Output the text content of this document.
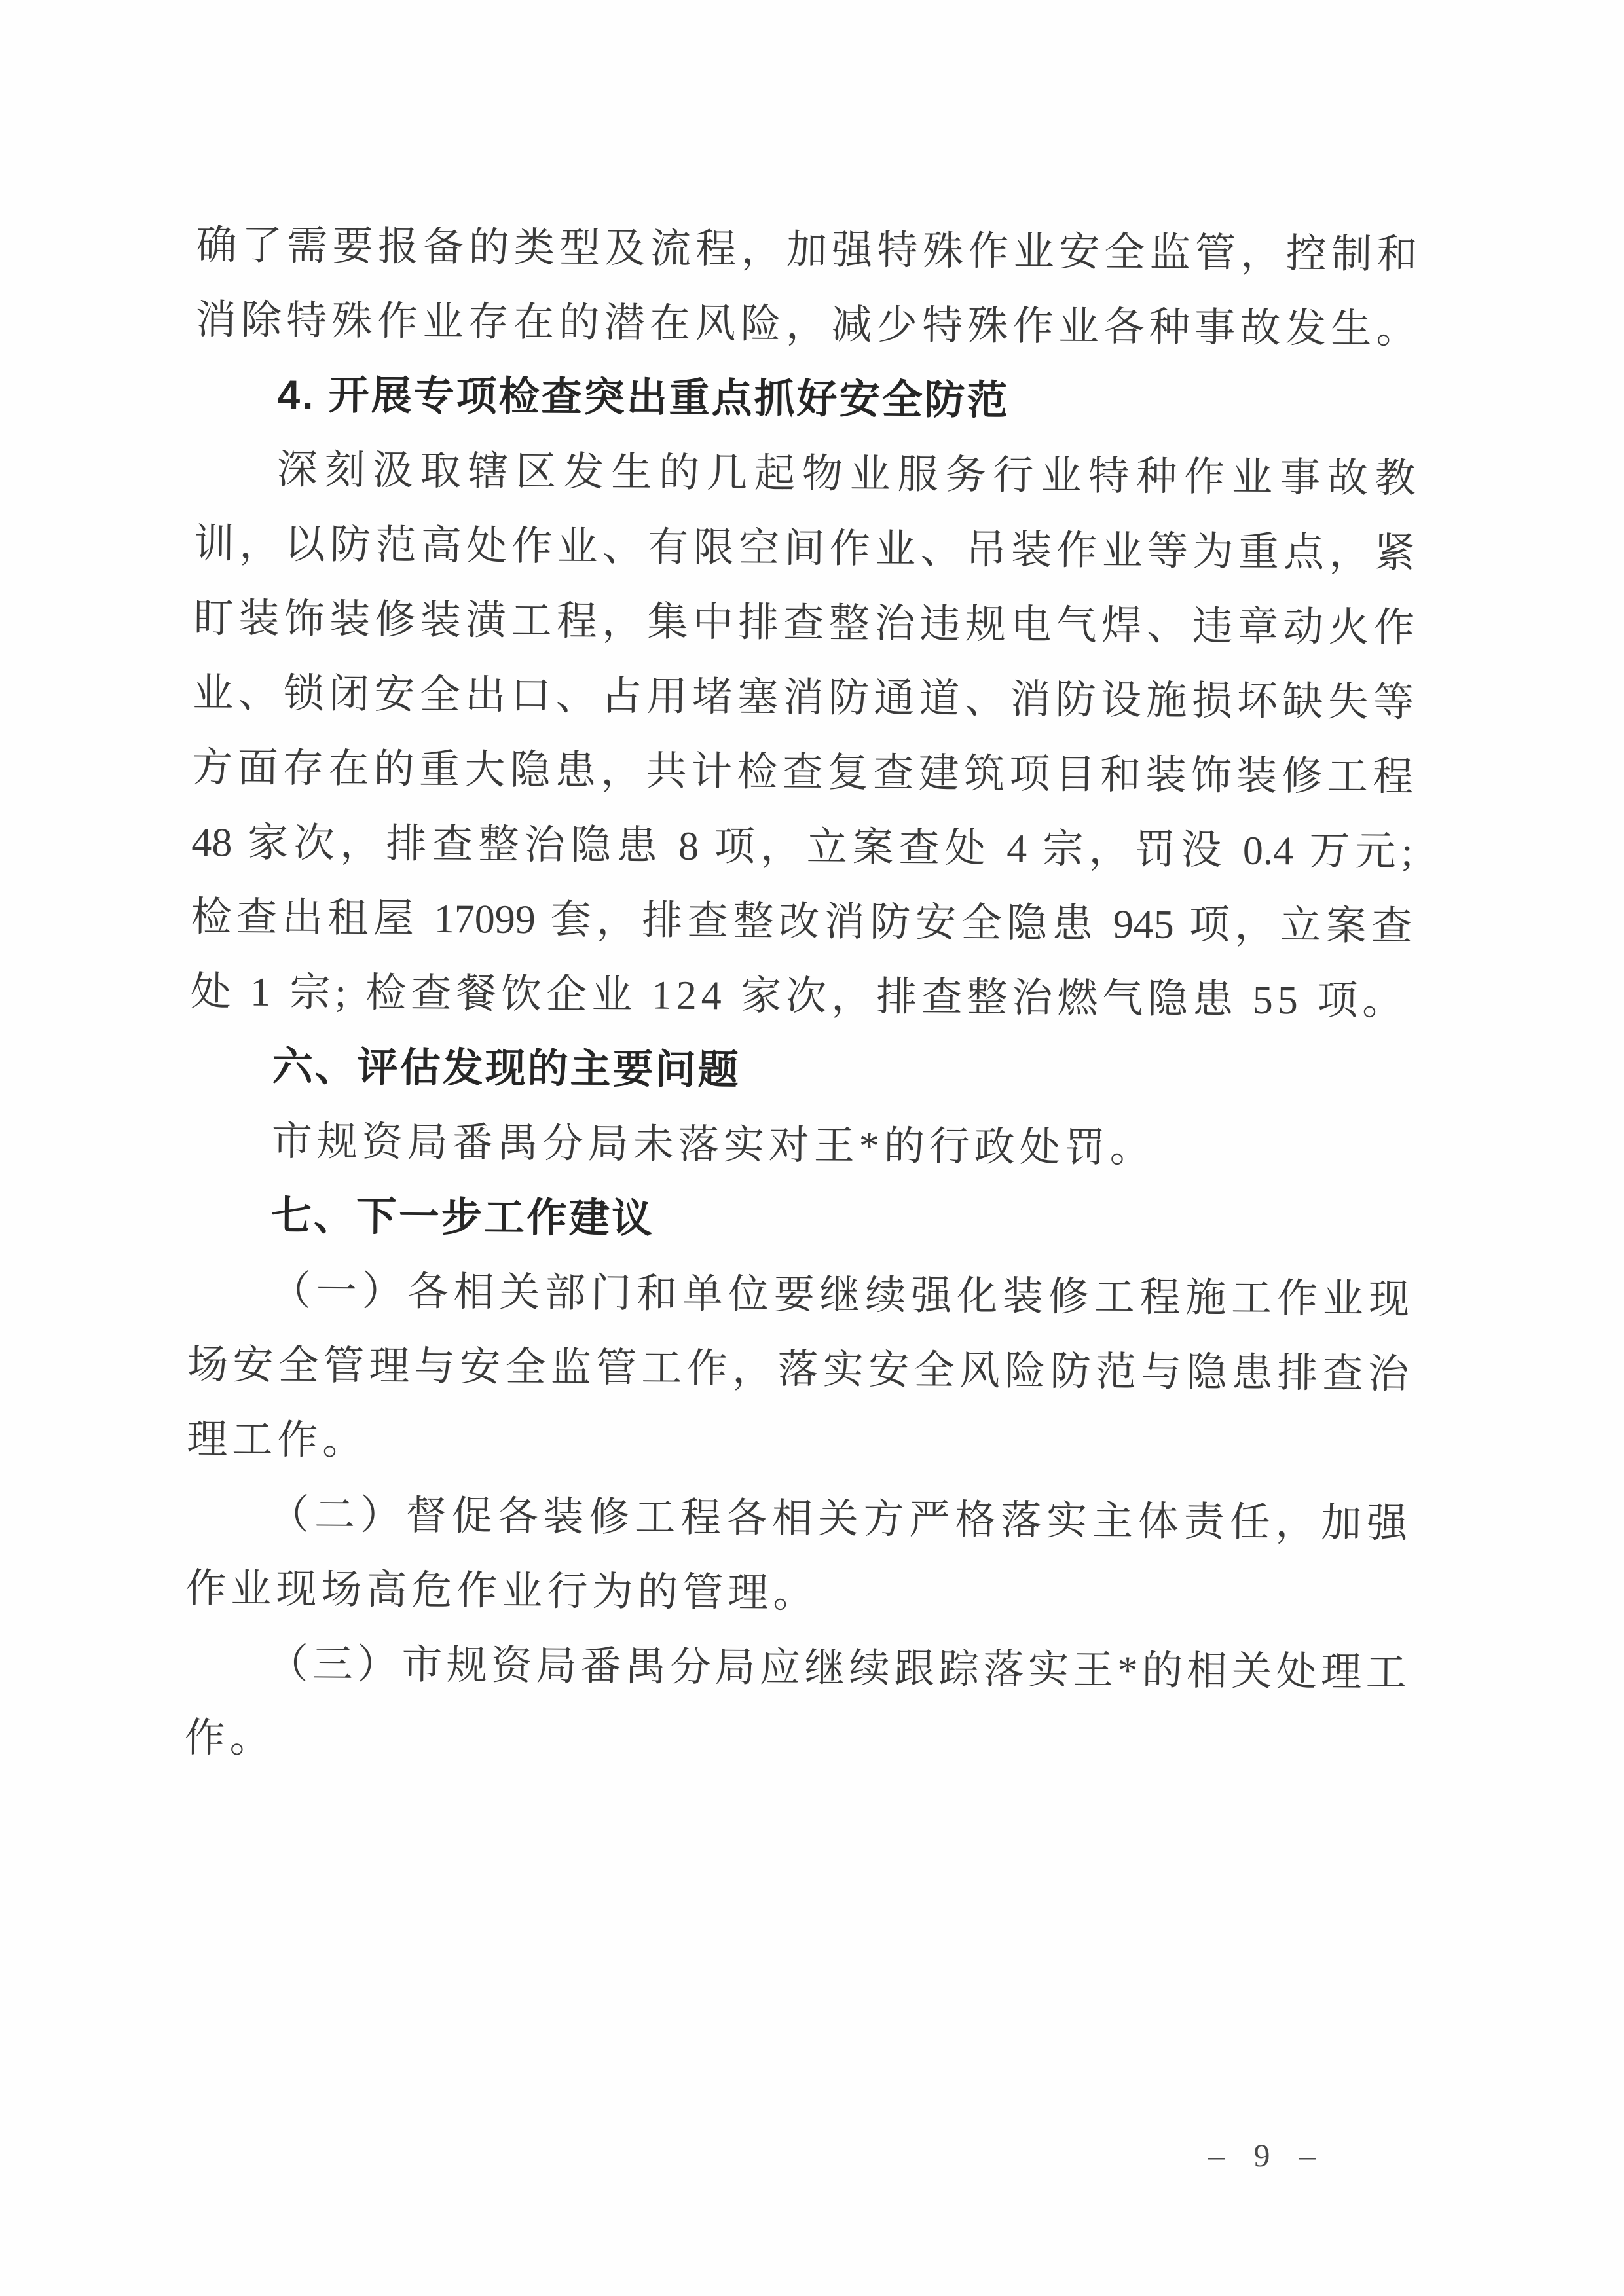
确了需要报备的类型及流程，加强特殊作业安全监管，控制和
消除特殊作业存在的潜在风险，减少特殊作业各种事故发生。
4. 开展专项检查突出重点抓好安全防范
深刻汲取辖区发生的几起物业服务行业特种作业事故教
训，以防范高处作业、有限空间作业、吊装作业等为重点，紧
盯装饰装修装潢工程，集中排查整治违规电气焊、违章动火作
业、锁闭安全出口、占用堵塞消防通道、消防设施损坏缺失等
方面存在的重大隐患，共计检查复查建筑项目和装饰装修工程
48 家次，排查整治隐患 8 项，立案查处 4 宗，罚没 0.4 万元;
检查出租屋 17099 套，排查整改消防安全隐患 945 项，立案查
处 1 宗; 检查餐饮企业 124 家次，排查整治燃气隐患 55 项。
六、评估发现的主要问题
市规资局番禺分局未落实对王*的行政处罚。
七、下一步工作建议
（一）各相关部门和单位要继续强化装修工程施工作业现
场安全管理与安全监管工作，落实安全风险防范与隐患排查治
理工作。
（二）督促各装修工程各相关方严格落实主体责任，加强
作业现场高危作业行为的管理。
（三）市规资局番禺分局应继续跟踪落实王*的相关处理工
作。
– 9 –
